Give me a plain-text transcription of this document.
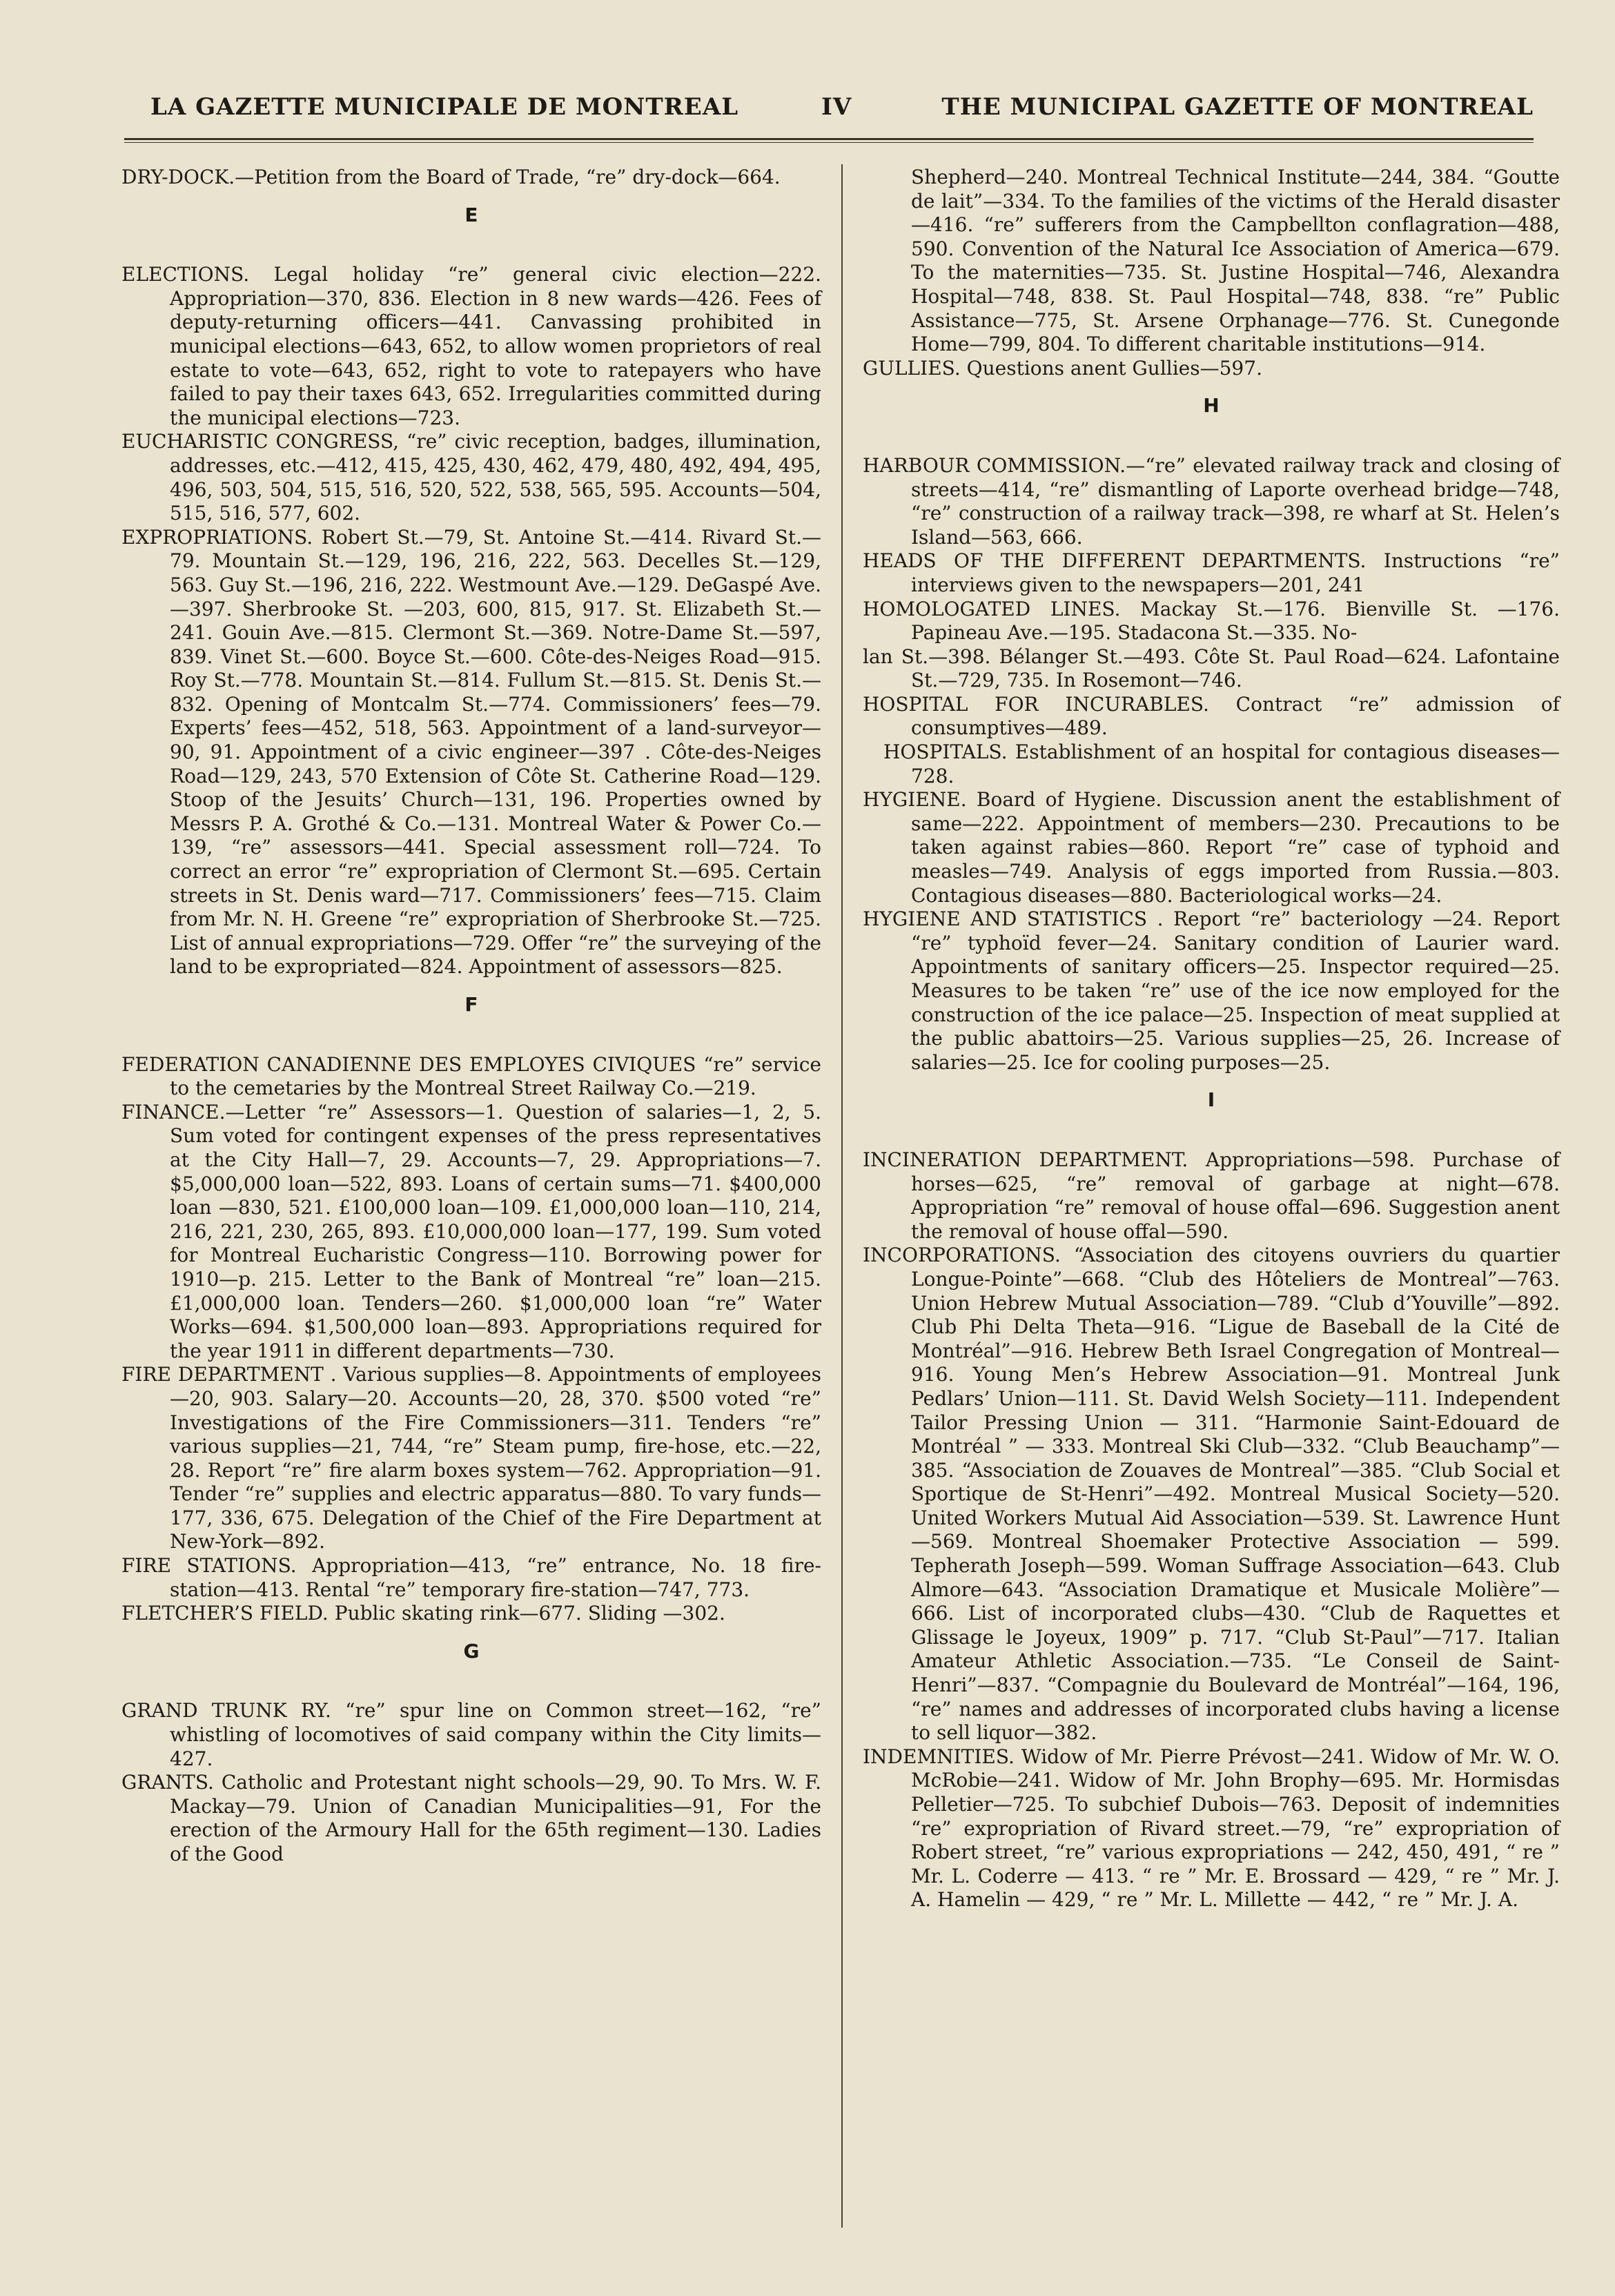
LA GAZETTE MUNICIPALE DE MONTREAL	IV	THE MUNICIPAL GAZETTE OF MONTREAL

DRY-DOCK.—Petition from the Board of Trade, “re” dry-dock—664.

E

ELECTIONS. Legal holiday “re” general civic election—222. Appropriation—370, 836. Election in 8 new wards—426. Fees of deputy-returning officers—441. Canvassing prohibited in municipal elections—643, 652, to allow women proprietors of real estate to vote—643, 652, right to vote to ratepayers who have failed to pay their taxes 643, 652. Irregularities committed during the municipal elections—723.

EUCHARISTIC CONGRESS, “re” civic reception, badges, illumination, addresses, etc.—412, 415, 425, 430, 462, 479, 480, 492, 494, 495, 496, 503, 504, 515, 516, 520, 522, 538, 565, 595. Accounts—504, 515, 516, 577, 602.

EXPROPRIATIONS. Robert St.—79, St. Antoine St.—414. Rivard St.—79. Mountain St.—129, 196, 216, 222, 563. Decelles St.—129, 563. Guy St.—196, 216, 222. Westmount Ave.—129. DeGaspé Ave.—397. Sherbrooke St. —203, 600, 815, 917. St. Elizabeth St.—241. Gouin Ave.—815. Clermont St.—369. Notre-Dame St.—597, 839. Vinet St.—600. Boyce St.—600. Côte-des-Neiges Road—915. Roy St.—778. Mountain St.—814. Fullum St.—815. St. Denis St.—832. Opening of Montcalm St.—774. Commissioners’ fees—79. Experts’ fees—452, 518, 563. Appointment of a land-surveyor—90, 91. Appointment of a civic engineer—397 . Côte-des-Neiges Road—129, 243, 570 Extension of Côte St. Catherine Road—129. Stoop of the Jesuits’ Church—131, 196. Properties owned by Messrs P. A. Grothé & Co.—131. Montreal Water & Power Co.—139, “re” assessors—441. Special assessment roll—724. To correct an error “re” expropriation of Clermont St.—695. Certain streets in St. Denis ward—717. Commissioners’ fees—715. Claim from Mr. N. H. Greene “re” expropriation of Sherbrooke St.—725. List of annual expropriations—729. Offer “re” the surveying of the land to be expropriated—824. Appointment of assessors—825.

F

FEDERATION CANADIENNE DES EMPLOYES CIVIQUES “re” service to the cemetaries by the Montreal Street Railway Co.—219.

FINANCE.—Letter “re” Assessors—1. Question of salaries—1, 2, 5. Sum voted for contingent expenses of the press representatives at the City Hall—7, 29. Accounts—7, 29. Appropriations—7. $5,000,000 loan—522, 893. Loans of certain sums—71. $400,000 loan —830, 521. £100,000 loan—109. £1,000,000 loan—110, 214, 216, 221, 230, 265, 893. £10,000,000 loan—177, 199. Sum voted for Montreal Eucharistic Congress—110. Borrowing power for 1910—p. 215. Letter to the Bank of Montreal “re” loan—215. £1,000,000 loan. Tenders—260. $1,000,000 loan “re” Water Works—694. $1,500,000 loan—893. Appropriations required for the year 1911 in different departments—730.

FIRE DEPARTMENT . Various supplies—8. Appointments of employees—20, 903. Salary—20. Accounts—20, 28, 370. $500 voted “re” Investigations of the Fire Commissioners—311. Tenders “re” various supplies—21, 744, “re” Steam pump, fire-hose, etc.—22, 28. Report “re” fire alarm boxes system—762. Appropriation—91. Tender “re” supplies and electric apparatus—880. To vary funds—177, 336, 675. Delegation of the Chief of the Fire Department at New-York—892.

FIRE STATIONS. Appropriation—413, “re” entrance, No. 18 fire-station—413. Rental “re” temporary fire-station—747, 773.

FLETCHER’S FIELD. Public skating rink—677. Sliding —302.

G

GRAND TRUNK RY. “re” spur line on Common street—162, “re” whistling of locomotives of said company within the City limits—427.

GRANTS. Catholic and Protestant night schools—29, 90. To Mrs. W. F. Mackay—79. Union of Canadian Municipalities—91, For the erection of the Armoury Hall for the 65th regiment—130. Ladies of the Good

Shepherd—240. Montreal Technical Institute—244, 384. “Goutte de lait”—334. To the families of the victims of the Herald disaster—416. “re” sufferers from the Campbellton conflagration—488, 590. Convention of the Natural Ice Association of America—679. To the maternities—735. St. Justine Hospital—746, Alexandra Hospital—748, 838. St. Paul Hospital—748, 838. “re” Public Assistance—775, St. Arsene Orphanage—776. St. Cunegonde Home—799, 804. To different charitable institutions—914.

GULLIES. Questions anent Gullies—597.

H

HARBOUR COMMISSION.—“re” elevated railway track and closing of streets—414, “re” dismantling of Laporte overhead bridge—748, “re” construction of a railway track—398, re wharf at St. Helen’s Island—563, 666.

HEADS OF THE DIFFERENT DEPARTMENTS. Instructions “re” interviews given to the newspapers—201, 241

HOMOLOGATED LINES. Mackay St.—176. Bienville St. —176. Papineau Ave.—195. Stadacona St.—335. No-

lan St.—398. Bélanger St.—493. Côte St. Paul Road—624. Lafontaine St.—729, 735. In Rosemont—746.

HOSPITAL FOR INCURABLES. Contract “re” admission of consumptives—489.

HOSPITALS. Establishment of an hospital for contagious diseases—728.

HYGIENE. Board of Hygiene. Discussion anent the establishment of same—222. Appointment of members—230. Precautions to be taken against rabies—860. Report “re” case of typhoid and measles—749. Analysis of eggs imported from Russia.—803. Contagious diseases—880. Bacteriological works—24.

HYGIENE AND STATISTICS . Report “re” bacteriology —24. Report “re” typhoïd fever—24. Sanitary condition of Laurier ward. Appointments of sanitary officers—25. Inspector required—25. Measures to be taken “re” use of the ice now employed for the construction of the ice palace—25. Inspection of meat supplied at the public abattoirs—25. Various supplies—25, 26. Increase of salaries—25. Ice for cooling purposes—25.

I

INCINERATION DEPARTMENT. Appropriations—598. Purchase of horses—625, “re” removal of garbage at night—678. Appropriation “re” removal of house offal—696. Suggestion anent the removal of house offal—590.

INCORPORATIONS. “Association des citoyens ouvriers du quartier Longue-Pointe”—668. “Club des Hôteliers de Montreal”—763. Union Hebrew Mutual Association—789. “Club d’Youville”—892. Club Phi Delta Theta—916. “Ligue de Baseball de la Cité de Montréal”—916. Hebrew Beth Israel Congregation of Montreal—916. Young Men’s Hebrew Association—91. Montreal Junk Pedlars’ Union—111. St. David Welsh Society—111. Independent Tailor Pressing Union — 311. “Harmonie Saint-Edouard de Montréal ” — 333. Montreal Ski Club—332. “Club Beauchamp”—385. “Association de Zouaves de Montreal”—385. “Club Social et Sportique de St-Henri”—492. Montreal Musical Society—520. United Workers Mutual Aid Association—539. St. Lawrence Hunt—569. Montreal Shoemaker Protective Association — 599. Tepherath Joseph—599. Woman Suffrage Association—643. Club Almore—643. “Association Dramatique et Musicale Molière”—666. List of incorporated clubs—430. “Club de Raquettes et Glissage le Joyeux, 1909” p. 717. “Club St-Paul”—717. Italian Amateur Athletic Association.—735. “Le Conseil de Saint-Henri”—837. “Compagnie du Boulevard de Montréal”—164, 196, “re” names and addresses of incorporated clubs having a license to sell liquor—382.

INDEMNITIES. Widow of Mr. Pierre Prévost—241. Widow of Mr. W. O. McRobie—241. Widow of Mr. John Brophy—695. Mr. Hormisdas Pelletier—725. To subchief Dubois—763. Deposit of indemnities “re” expropriation of Rivard street.—79, “re” expropriation of Robert street, “re” various expropriations — 242, 450, 491, “ re ” Mr. L. Coderre — 413. “ re ” Mr. E. Brossard — 429, “ re ” Mr. J. A. Hamelin — 429, “ re ” Mr. L. Millette — 442, “ re ” Mr. J. A.
